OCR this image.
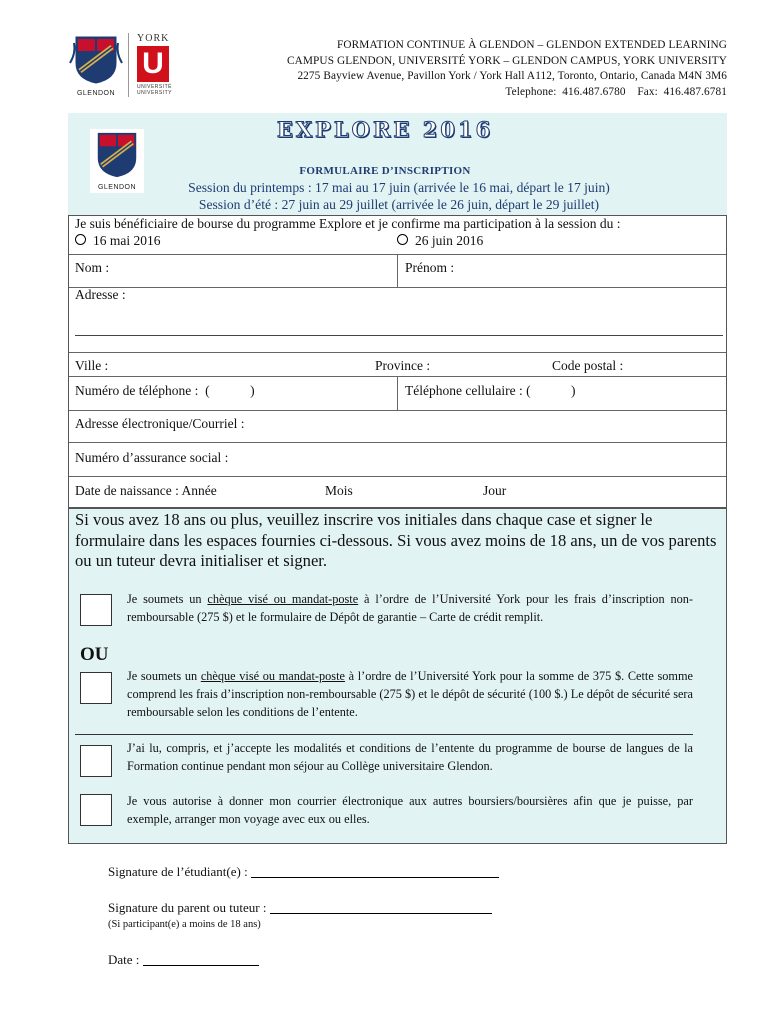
GLENDON
YORK
U
UNIVERSITÉ UNIVERSITY
FORMATION CONTINUE À GLENDON – GLENDON EXTENDED LEARNING
CAMPUS GLENDON, UNIVERSITÉ YORK – GLENDON CAMPUS, YORK UNIVERSITY
2275 Bayview Avenue, Pavillon York / York Hall A112, Toronto, Ontario, Canada M4N 3M6
Telephone:  416.487.6780    Fax:  416.487.6781
GLENDON
EXPLORE 2016
FORMULAIRE D’INSCRIPTION
Session du printemps : 17 mai au 17 juin (arrivée le 16 mai, départ le 17 juin)
Session d’été : 27 juin au 29 juillet (arrivée le 26 juin, départ le 29 juillet)
Je suis bénéficiaire de bourse du programme Explore et je confirme ma participation à la session du :
16 mai 2016	26 juin 2016
Nom :	Prénom :
Adresse :
Ville :	Province :	Code postal :
Numéro de téléphone :  (            )	Téléphone cellulaire : (            )
Adresse électronique/Courriel :
Numéro d’assurance social :
Date de naissance : Année	Mois	Jour
Si vous avez 18 ans ou plus, veuillez inscrire vos initiales dans chaque case et signer le formulaire dans les espaces fournies ci-dessous. Si vous avez moins de 18 ans, un de vos parents ou un tuteur devra initialiser et signer.
Je soumets un chèque visé ou mandat-poste à l’ordre de l’Université York pour les frais d’inscription non-remboursable (275 $) et le formulaire de Dépôt de garantie – Carte de crédit remplit.
OU
Je soumets un chèque visé ou mandat-poste à l’ordre de l’Université York pour la somme de 375 $. Cette somme comprend les frais d’inscription non-remboursable (275 $) et le dépôt de sécurité (100 $.) Le dépôt de sécurité sera remboursable selon les conditions de l’entente.
J’ai lu, compris, et j’accepte les modalités et conditions de l’entente du programme de bourse de langues de la Formation continue pendant mon séjour au Collège universitaire Glendon.
Je vous autorise à donner mon courrier électronique aux autres boursiers/boursières afin que je puisse, par exemple, arranger mon voyage avec eux ou elles.
Signature de l’étudiant(e) :
Signature du parent ou tuteur :
(Si participant(e) a moins de 18 ans)
Date :
